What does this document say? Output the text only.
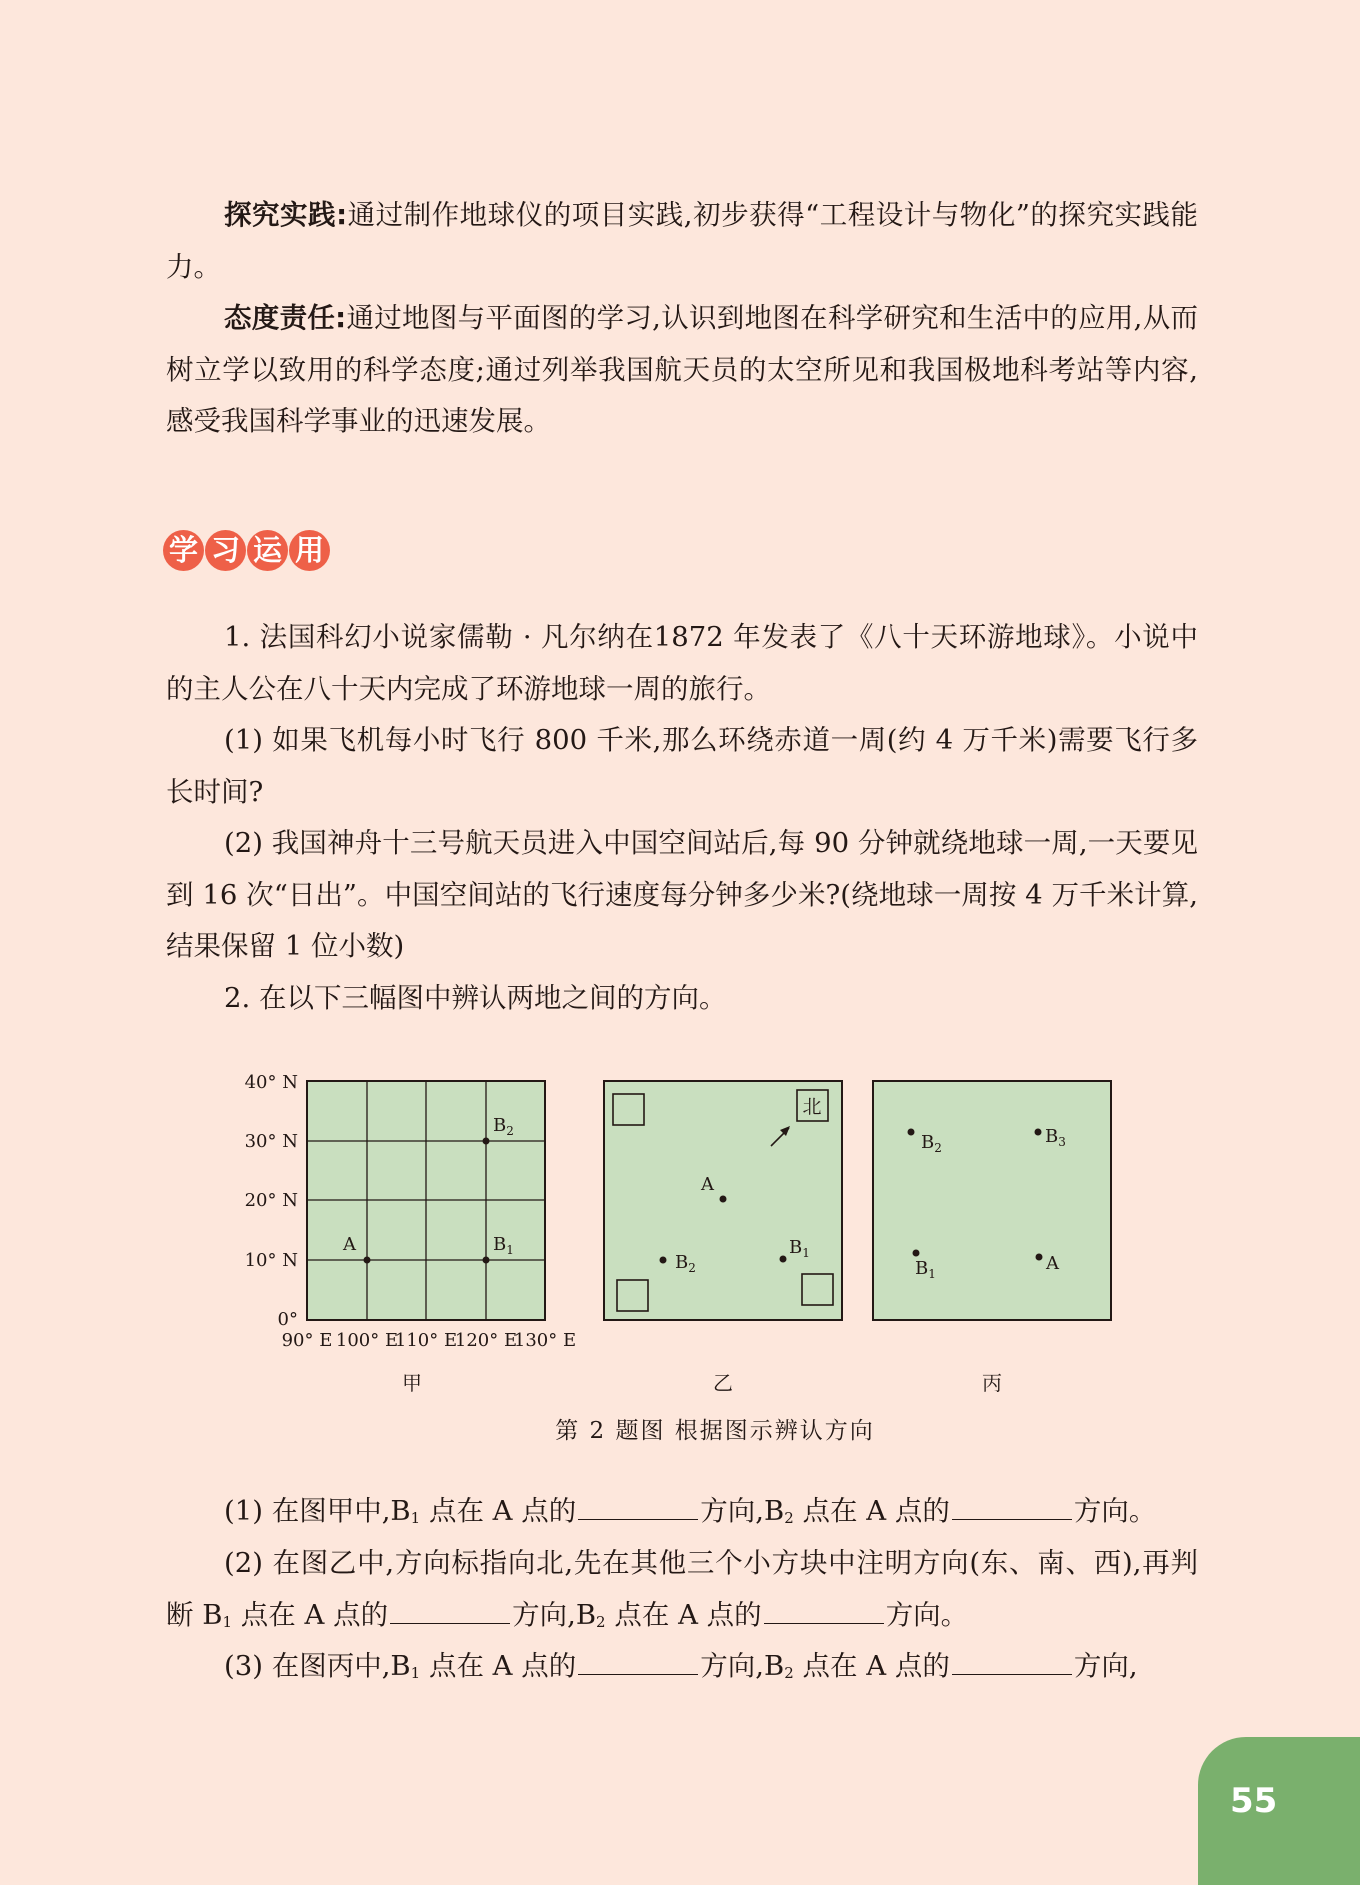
探究实践:通过制作地球仪的项目实践,初步获得“工程设计与物化”的探究实践能力。

态度责任:通过地图与平面图的学习,认识到地图在科学研究和生活中的应用,从而树立学以致用的科学态度;通过列举我国航天员的太空所见和我国极地科考站等内容,感受我国科学事业的迅速发展。

学 习 运 用

1. 法国科幻小说家儒勒 · 凡尔纳在1872 年发表了《八十天环游地球》。小说中的主人公在八十天内完成了环游地球一周的旅行。

(1) 如果飞机每小时飞行 800 千米,那么环绕赤道一周(约 4 万千米)需要飞行多长时间?

(2) 我国神舟十三号航天员进入中国空间站后,每 90 分钟就绕地球一周,一天要见到 16 次“日出”。中国空间站的飞行速度每分钟多少米?(绕地球一周按 4 万千米计算,结果保留 1 位小数)

2. 在以下三幅图中辨认两地之间的方向。

40° N
30° N
20° N
10° N
0°
90° E 100° E
110° E
120° E
130° E
A	$B_1$
$B_2$
甲
北
A
$B_1$
$B_2$
乙
$B_2$
$B_3$
$B_1$	A
丙
第 2 题图 根据图示辨认方向

(1) 在图甲中$,B_1$ 点在 A 点的	方向$,B_2$ 点在 A 点的	方向。

(2) 在图乙中,方向标指向北,先在其他三个小方块中注明方向(东、南、西),再判断 $B_1$ 点在 A 点的	方向$,B_2$ 点在 A 点的	方向。

(3) 在图丙中$,B_1$ 点在 A 点的	方向$,B_2$ 点在 A 点的	方向,

55
